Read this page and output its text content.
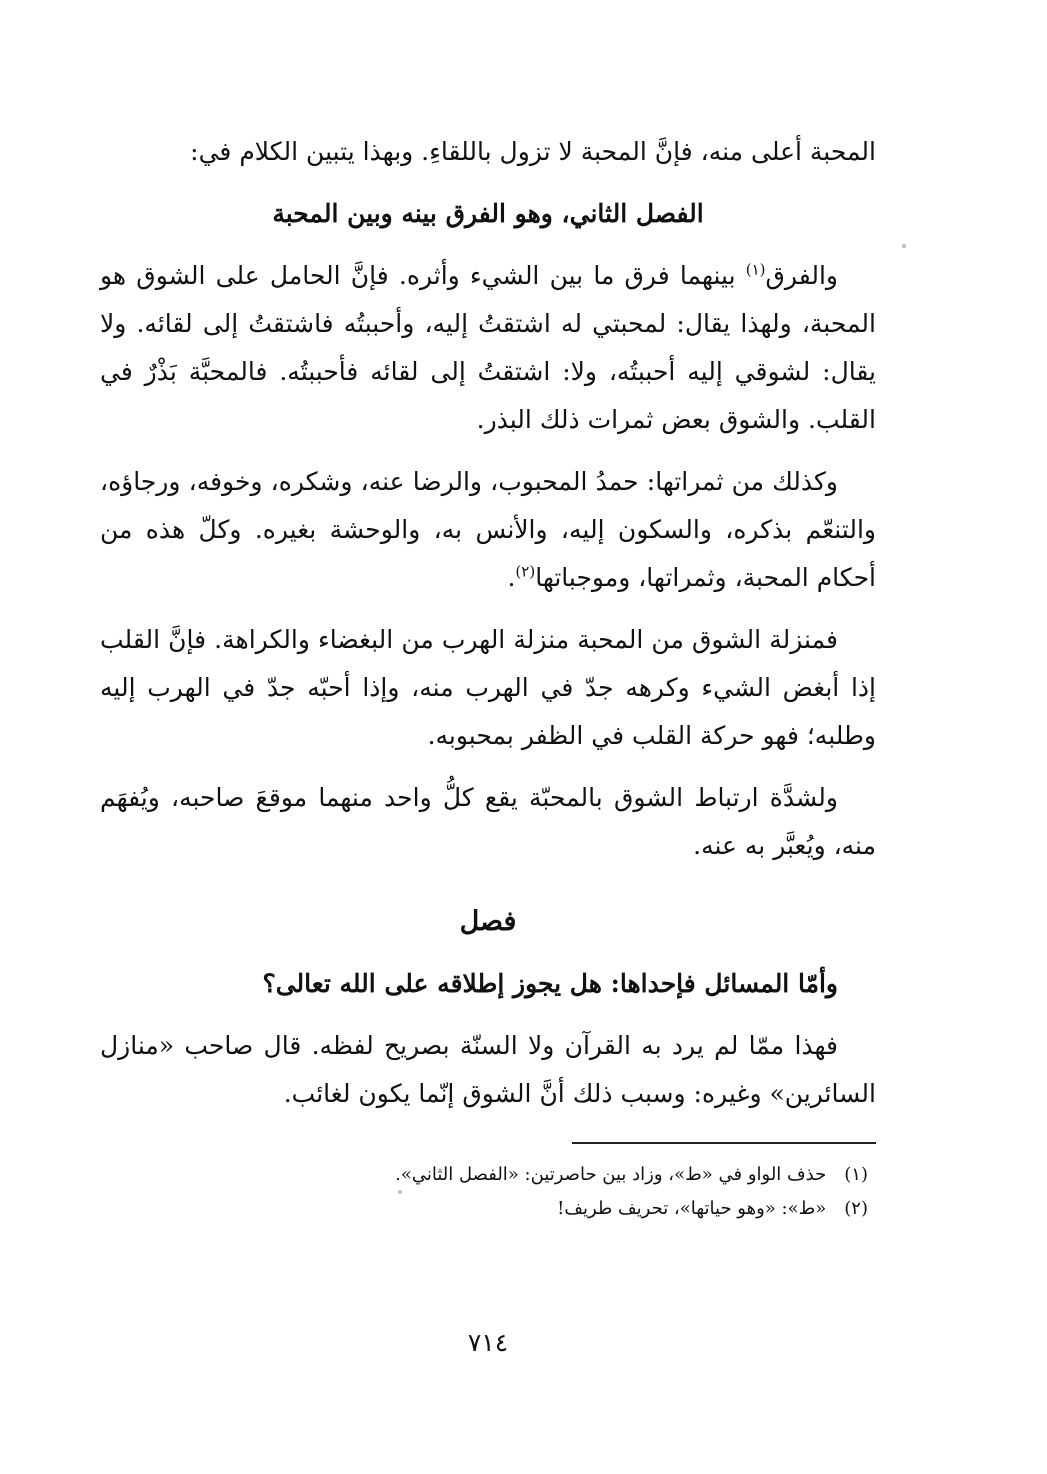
المحبة أعلى منه، فإنَّ المحبة لا تزول باللقاءِ. وبهذا يتبين الكلام في:

الفصل الثاني، وهو الفرق بينه وبين المحبة

والفرق$^{(١)}$ بينهما فرق ما بين الشيء وأثره. فإنَّ الحامل على الشوق هو المحبة، ولهذا يقال: لمحبتي له اشتقتُ إليه، وأحببتُه فاشتقتُ إلى لقائه. ولا يقال: لشوقي إليه أحببتُه، ولا: اشتقتُ إلى لقائه فأحببتُه. فالمحبَّة بَذْرٌ في القلب. والشوق بعض ثمرات ذلك البذر.

وكذلك من ثمراتها: حمدُ المحبوب، والرضا عنه، وشكره، وخوفه، ورجاؤه، والتنعّم بذكره، والسكون إليه، والأنس به، والوحشة بغيره. وكلّ هذه من أحكام المحبة، وثمراتها، وموجباتها$^{(٢)}$.

فمنزلة الشوق من المحبة منزلة الهرب من البغضاء والكراهة. فإنَّ القلب إذا أبغض الشيء وكرهه جدّ في الهرب منه، وإذا أحبّه جدّ في الهرب إليه وطلبه؛ فهو حركة القلب في الظفر بمحبوبه.

ولشدَّة ارتباط الشوق بالمحبّة يقع كلُّ واحد منهما موقعَ صاحبه، ويُفهَم منه، ويُعبَّر به عنه.

فصل
وأمّا المسائل فإحداها: هل يجوز إطلاقه على الله تعالى؟

فهذا ممّا لم يرد به القرآن ولا السنّة بصريح لفظه. قال صاحب «منازل السائرين» وغيره: وسبب ذلك أنَّ الشوق إنّما يكون لغائب.

(١)حذف الواو في «ط»، وزاد بين حاصرتين: «الفصل الثاني».

(٢)«ط»: «وهو حياتها»، تحريف طريف!

٧١٤
